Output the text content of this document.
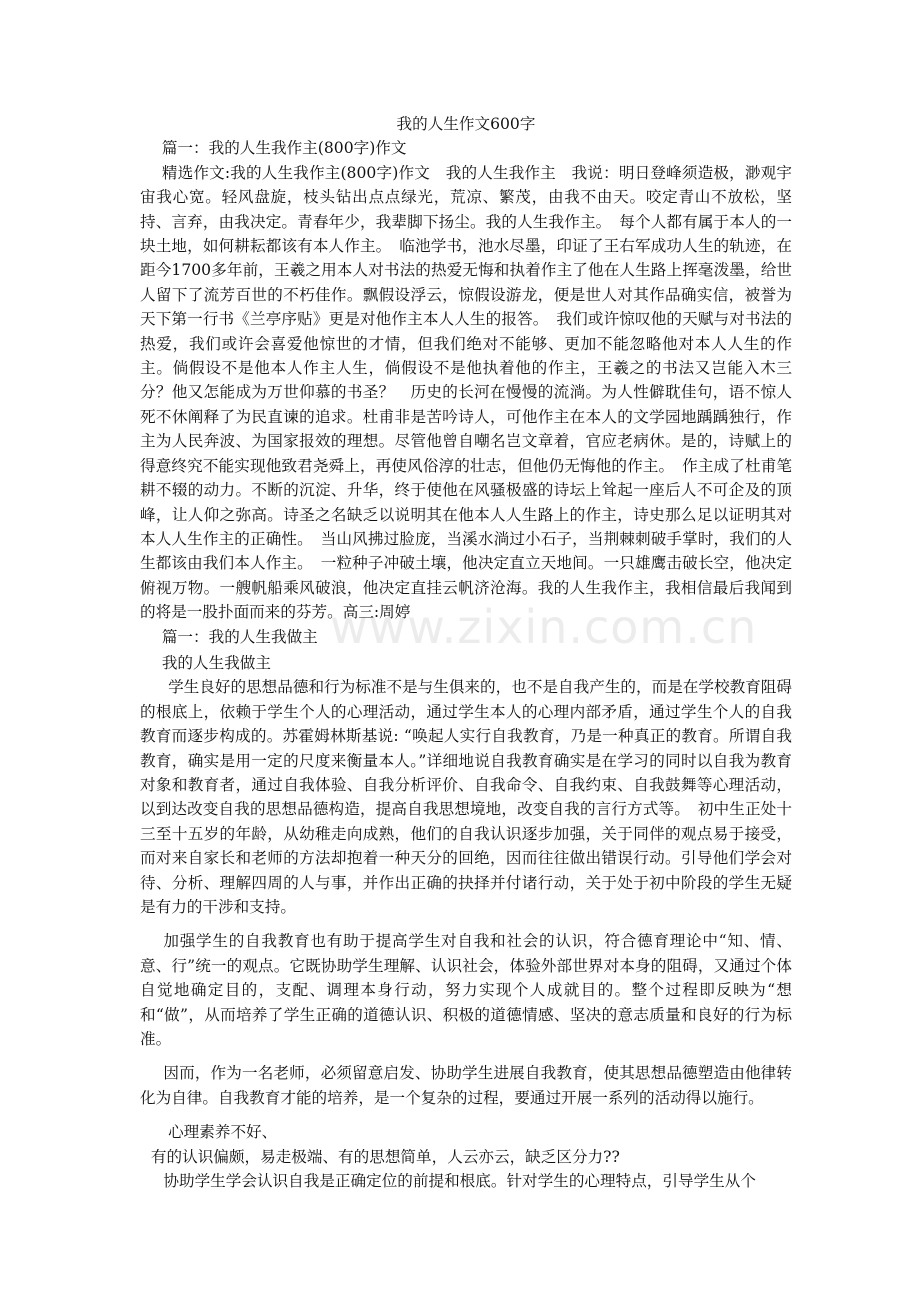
www.zixin.com.cn

我的人生作文600字

篇一：我的人生我作主(800字)作文

精选作文:我的人生我作主(800字)作文　我的人生我作主　我说：明日登峰须造极，渺观宇宙我心宽。轻风盘旋，枝头钻出点点绿光，荒凉、繁茂，由我不由天。咬定青山不放松，坚持、言弃，由我决定。青春年少，我辈脚下扬尘。我的人生我作主。　每个人都有属于本人的一块土地，如何耕耘都该有本人作主。　临池学书，池水尽墨，印证了王右军成功人生的轨迹，在距今1700多年前，王羲之用本人对书法的热爱无悔和执着作主了他在人生路上挥毫泼墨，给世人留下了流芳百世的不朽佳作。飘假设浮云，惊假设游龙，便是世人对其作品确实信，被誉为天下第一行书《兰亭序贴》更是对他作主本人人生的报答。　我们或许惊叹他的天赋与对书法的热爱，我们或许会喜爱他惊世的才情，但我们绝对不能够、更加不能忽略他对本人人生的作主。倘假设不是他本人作主人生，倘假设不是他执着他的作主，王羲之的书法又岂能入木三分？他又怎能成为万世仰慕的书圣？　历史的长河在慢慢的流淌。为人性僻耽佳句，语不惊人死不休阐释了为民直谏的追求。杜甫非是苦吟诗人，可他作主在本人的文学园地踽踽独行，作主为人民奔波、为国家报效的理想。尽管他曾自嘲名岂文章着，官应老病休。是的，诗赋上的得意终究不能实现他致君尧舜上，再使风俗淳的壮志，但他仍无悔他的作主。　作主成了杜甫笔耕不辍的动力。不断的沉淀、升华，终于使他在风骚极盛的诗坛上耸起一座后人不可企及的顶峰，让人仰之弥高。诗圣之名缺乏以说明其在他本人人生路上的作主，诗史那么足以证明其对本人人生作主的正确性。　当山风拂过脸庞，当溪水淌过小石子，当荆棘刺破手掌时，我们的人生都该由我们本人作主。　一粒种子冲破土壤，他决定直立天地间。一只雄鹰击破长空，他决定俯视万物。一艘帆船乘风破浪，他决定直挂云帆济沧海。我的人生我作主，我相信最后我闻到的将是一股扑面而来的芬芳。高三:周婷

篇一：我的人生我做主

我的人生我做主

学生良好的思想品德和行为标准不是与生俱来的，也不是自我产生的，而是在学校教育阻碍的根底上，依赖于学生个人的心理活动，通过学生本人的心理内部矛盾，通过学生个人的自我教育而逐步构成的。苏霍姆林斯基说: “唤起人实行自我教育，乃是一种真正的教育。所谓自我教育，确实是用一定的尺度来衡量本人。”详细地说自我教育确实是在学习的同时以自我为教育对象和教育者，通过自我体验、自我分析评价、自我命令、自我约束、自我鼓舞等心理活动，以到达改变自我的思想品德构造，提高自我思想境地，改变自我的言行方式等。　初中生正处十三至十五岁的年龄，从幼稚走向成熟，他们的自我认识逐步加强，关于同伴的观点易于接受，而对来自家长和老师的方法却抱着一种天分的回绝，因而往往做出错误行动。引导他们学会对待、分析、理解四周的人与事，并作出正确的抉择并付诸行动，关于处于初中阶段的学生无疑是有力的干涉和支持。

加强学生的自我教育也有助于提高学生对自我和社会的认识，符合德育理论中“知、情、意、行”统一的观点。它既协助学生理解、认识社会，体验外部世界对本身的阻碍，又通过个体自觉地确定目的，支配、调理本身行动，努力实现个人成就目的。整个过程即反映为“想和“做”，从而培养了学生正确的道德认识、积极的道德情感、坚决的意志质量和良好的行为标准。

因而，作为一名老师，必须留意启发、协助学生进展自我教育，使其思想品德塑造由他律转化为自律。自我教育才能的培养，是一个复杂的过程，要通过开展一系列的活动得以施行。

心理素养不好、

有的认识偏颇，易走极端、有的思想简单，人云亦云，缺乏区分力??

协助学生学会认识自我是正确定位的前提和根底。针对学生的心理特点，引导学生从个
